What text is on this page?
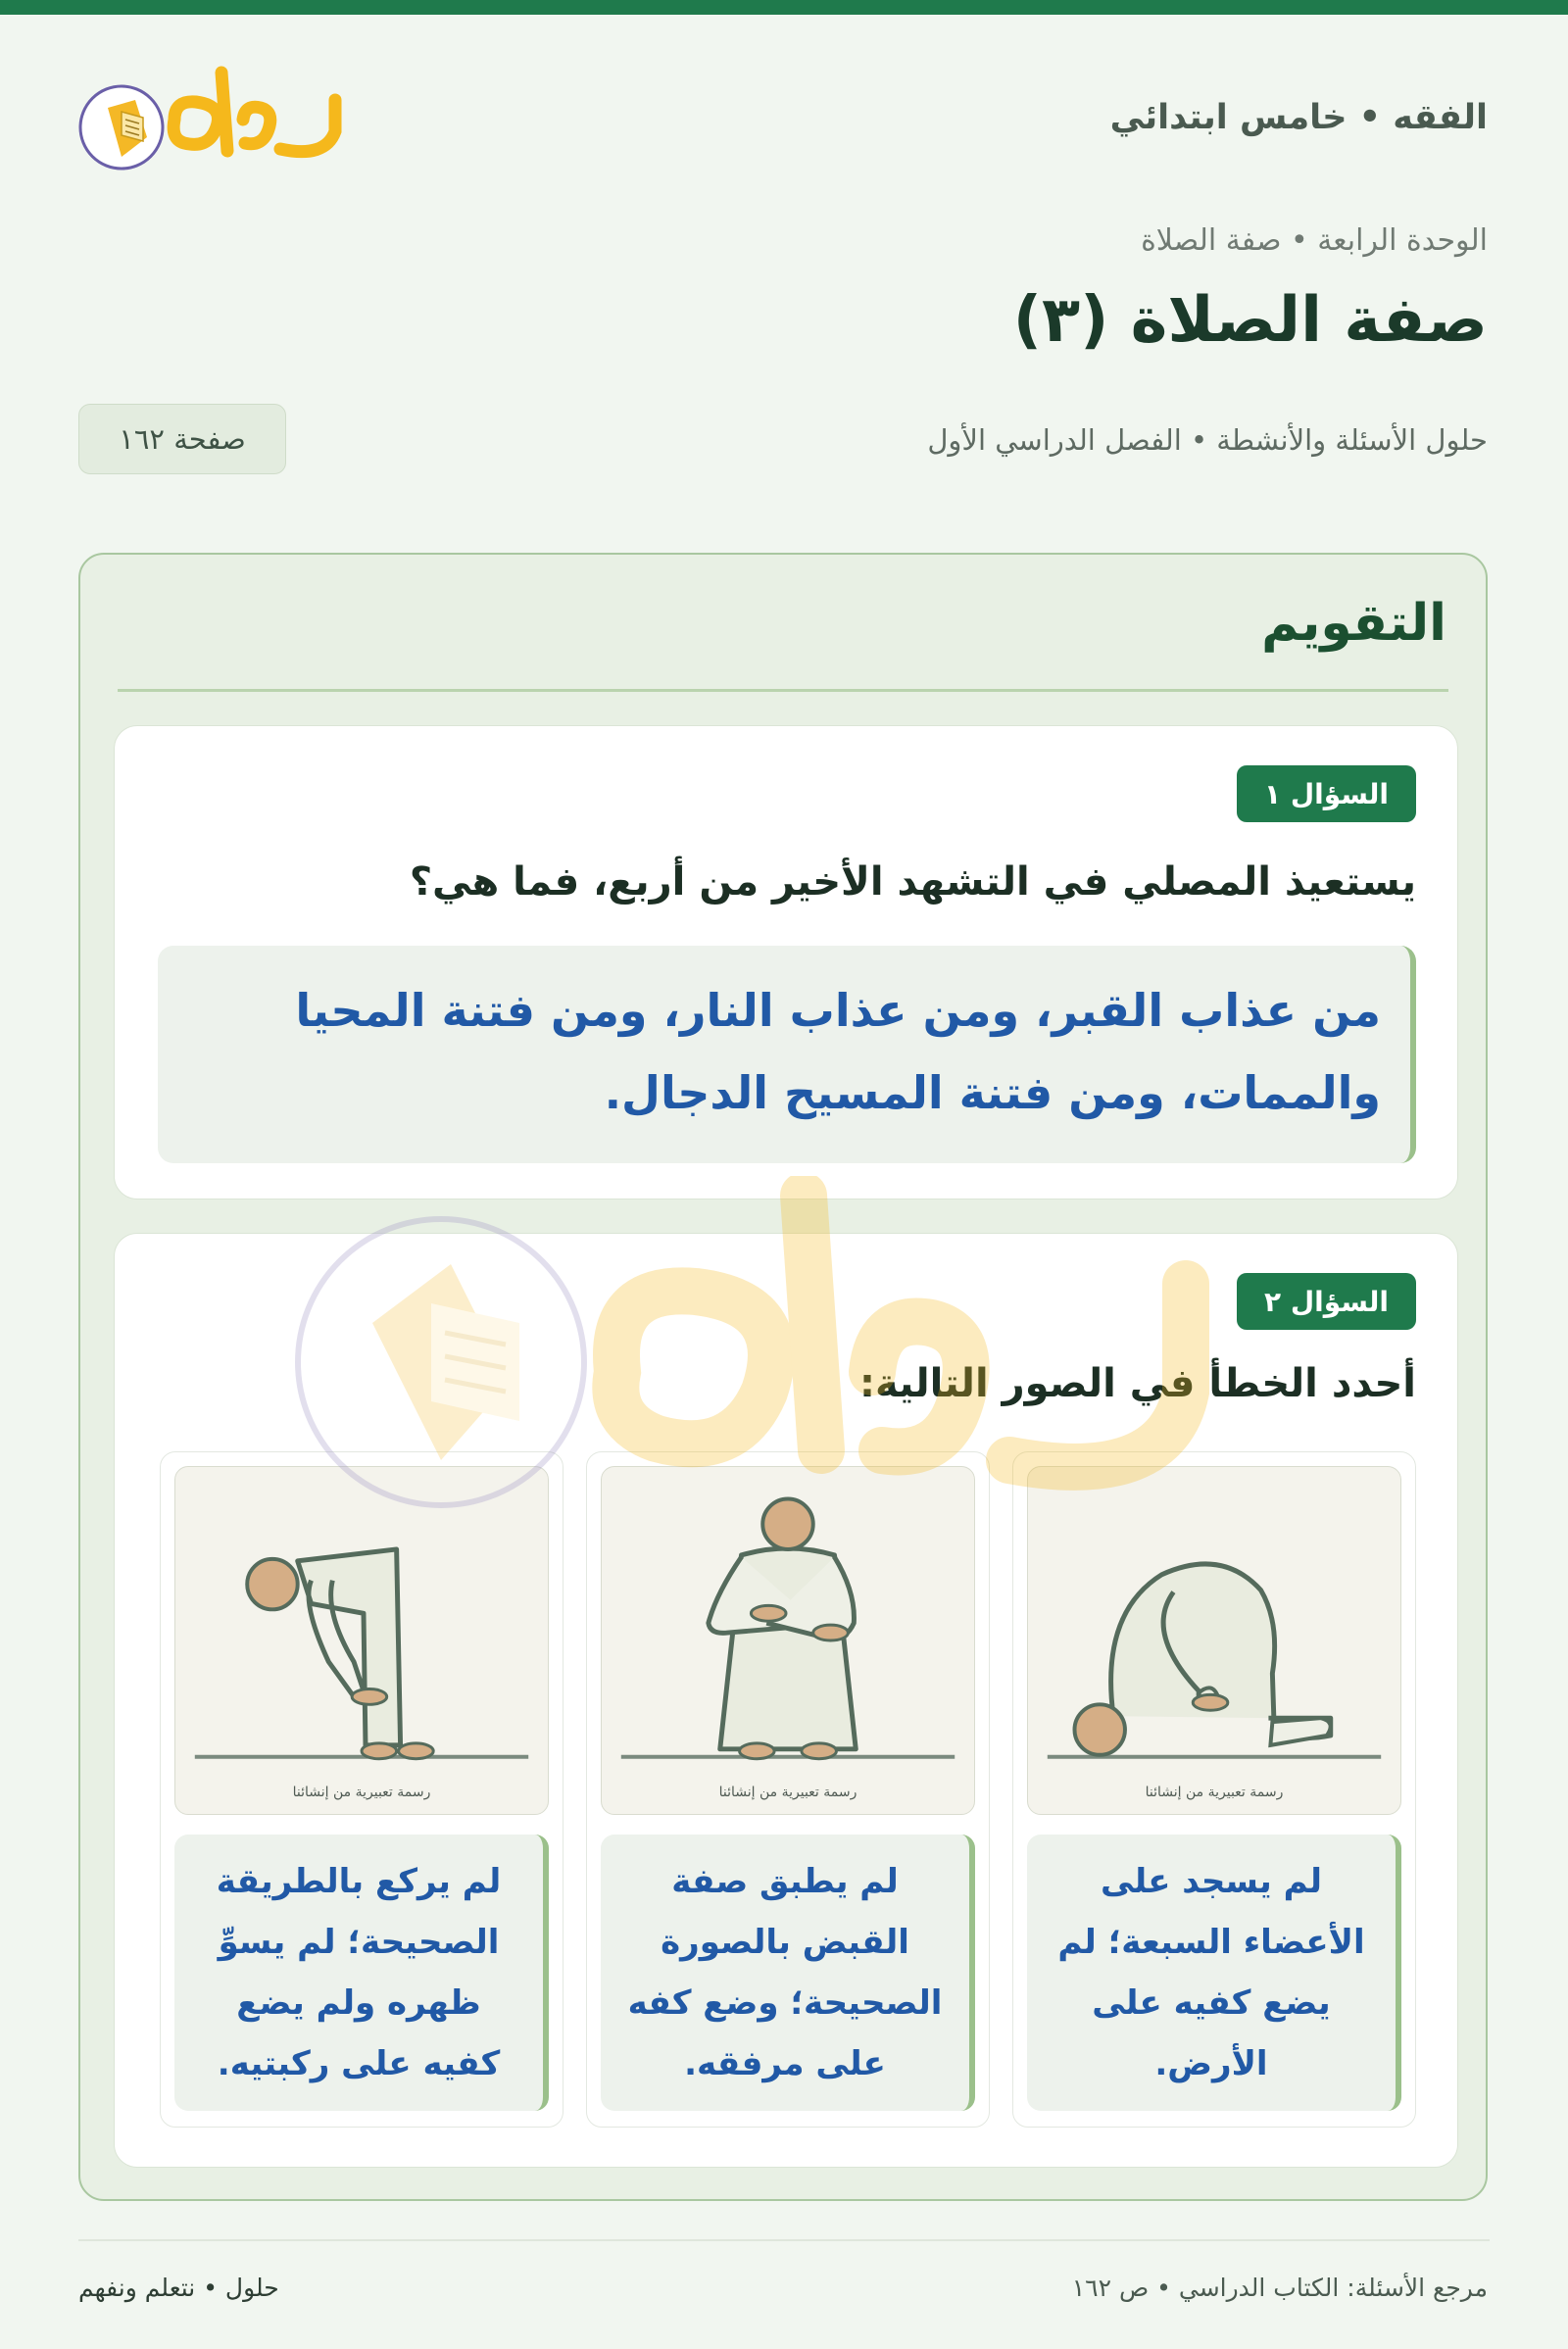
الفقه • خامس ابتدائي
الوحدة الرابعة • صفة الصلاة
صفة الصلاة (٣)
حلول الأسئلة والأنشطة • الفصل الدراسي الأول
صفحة ١٦٢
التقويم
السؤال ١
يستعيذ المصلي في التشهد الأخير من أربع، فما هي؟
من عذاب القبر، ومن عذاب النار، ومن فتنة المحيا
والممات، ومن فتنة المسيح الدجال.
السؤال ٢
أحدد الخطأ في الصور التالية:
رسمة تعبيرية من إنشائنا
لم يسجد على الأعضاء السبعة؛ لم يضع كفيه على الأرض.
رسمة تعبيرية من إنشائنا
لم يطبق صفة القبض بالصورة الصحيحة؛ وضع كفه على مرفقه.
رسمة تعبيرية من إنشائنا
لم يركع بالطريقة الصحيحة؛ لم يسوِّ ظهره ولم يضع كفيه على ركبتيه.
مرجع الأسئلة: الكتاب الدراسي • ص ١٦٢
حلول • نتعلم ونفهم
